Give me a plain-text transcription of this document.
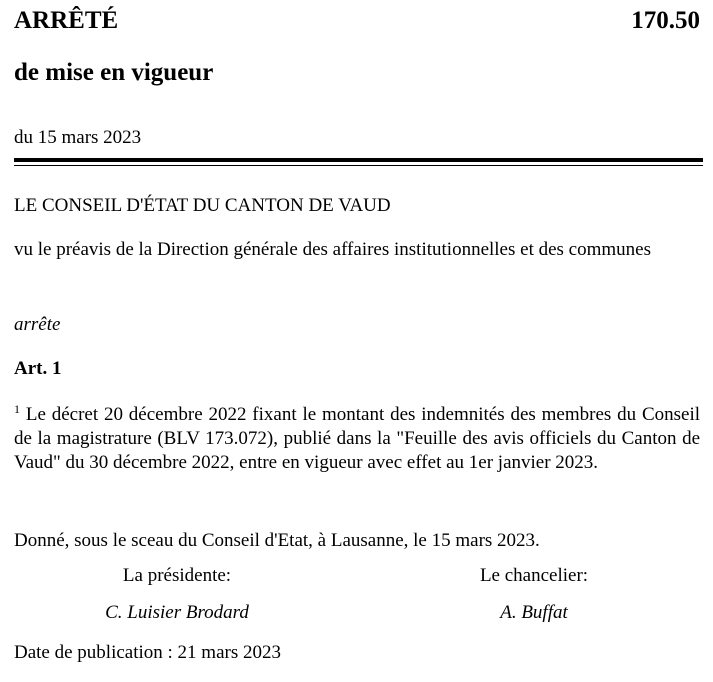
ARRÊTÉ	170.50
de mise en vigueur
du 15 mars 2023
LE CONSEIL D'ÉTAT DU CANTON DE VAUD

vu le préavis de la Direction générale des affaires institutionnelles et des communes

arrête
Art. 1

$^1$ Le décret 20 décembre 2022 fixant le montant des indemnités des membres du Conseil de la magistrature (BLV 173.072), publié dans la "Feuille des avis officiels du Canton de Vaud" du 30 décembre 2022, entre en vigueur avec effet au 1er janvier 2023.

Donné, sous le sceau du Conseil d'Etat, à Lausanne, le 15 mars 2023.
La présidente:
C. Luisier Brodard
Le chancelier:
A. Buffat
Date de publication : 21 mars 2023
